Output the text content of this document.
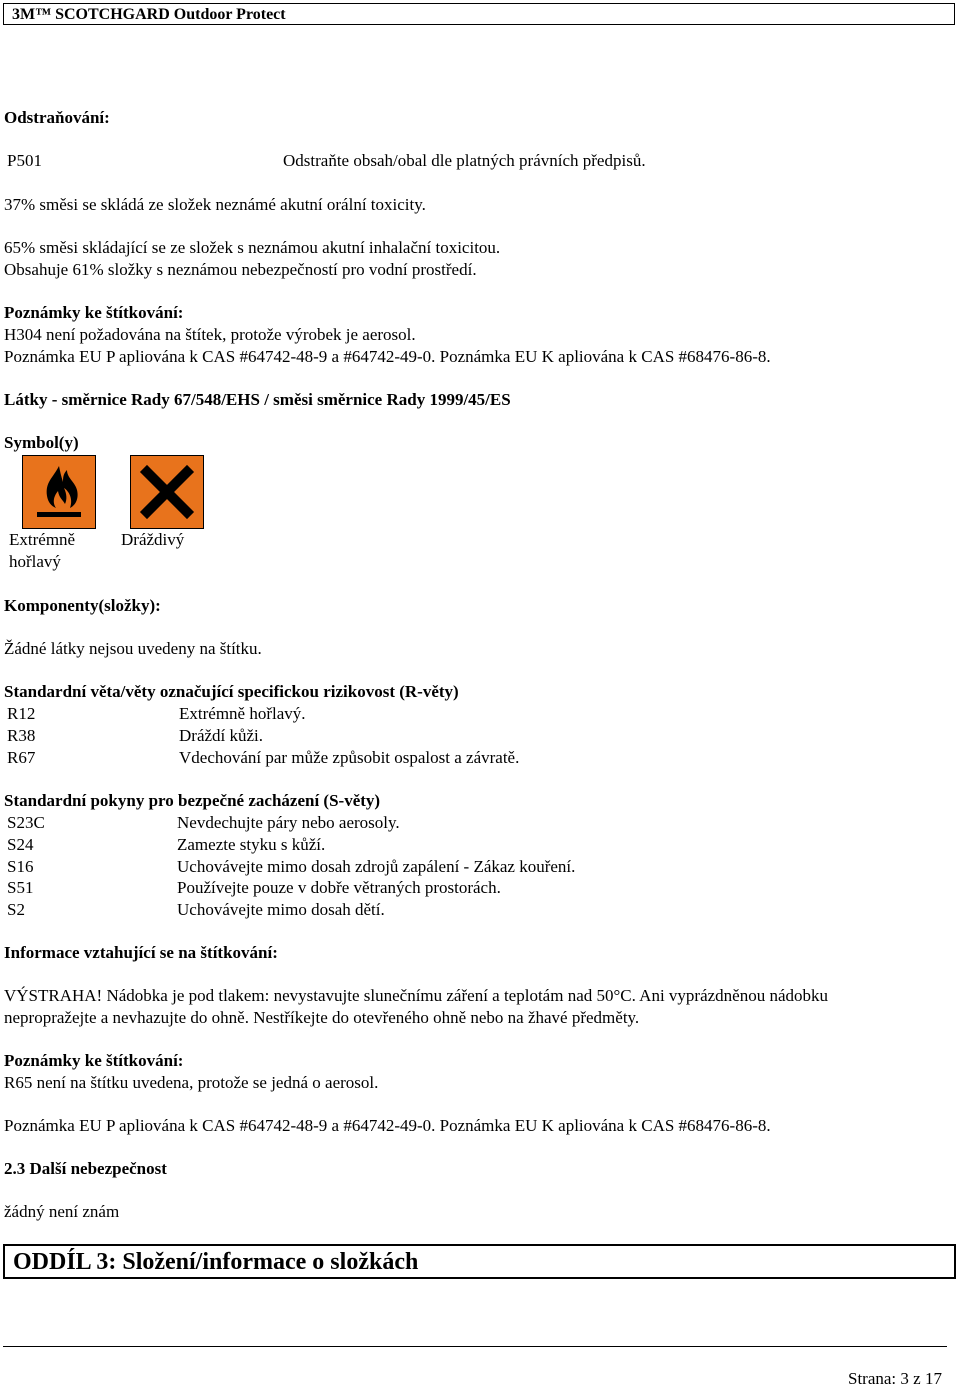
3M™ SCOTCHGARD Outdoor Protect
Odstraňování:
P501	Odstraňte obsah/obal dle platných právních předpisů.
37% směsi se skládá ze složek neznámé akutní orální toxicity.
65% směsi skládající se ze složek s neznámou akutní inhalační toxicitou.
Obsahuje 61% složky s neznámou nebezpečností pro vodní prostředí.
Poznámky ke štítkování:
H304 není požadována na štítek, protože výrobek je aerosol.
Poznámka EU P apliována k CAS #64742-48-9 a #64742-49-0. Poznámka EU K apliována k CAS #68476-86-8.
Látky - směrnice Rady 67/548/EHS / směsi směrnice Rady 1999/45/ES
Symbol(y)
Extrémně
hořlavý
Dráždivý
Komponenty(složky):
Žádné látky nejsou uvedeny na štítku.
Standardní věta/věty označující specifickou rizikovost (R-věty)
R12	Extrémně hořlavý.
R38	Dráždí kůži.
R67	Vdechování par může způsobit ospalost a závratě.
Standardní pokyny pro bezpečné zacházení (S-věty)
S23C	Nevdechujte páry nebo aerosoly.
S24	Zamezte styku s kůží.
S16	Uchovávejte mimo dosah zdrojů zapálení - Zákaz kouření.
S51	Používejte pouze v dobře větraných prostorách.
S2	Uchovávejte mimo dosah dětí.
Informace vztahující se na štítkování:
VÝSTRAHA! Nádobka je pod tlakem: nevystavujte slunečnímu záření a teplotám nad 50°C. Ani vyprázdněnou nádobku
nepropražejte a nevhazujte do ohně. Nestříkejte do otevřeného ohně nebo na žhavé předměty.
Poznámky ke štítkování:
R65 není na štítku uvedena, protože se jedná o aerosol.
Poznámka EU P apliována k CAS #64742-48-9 a #64742-49-0. Poznámka EU K apliována k CAS #68476-86-8.
2.3 Další nebezpečnost
žádný není znám
ODDÍL 3: Složení/informace o složkách
Strana: 3 z 17
